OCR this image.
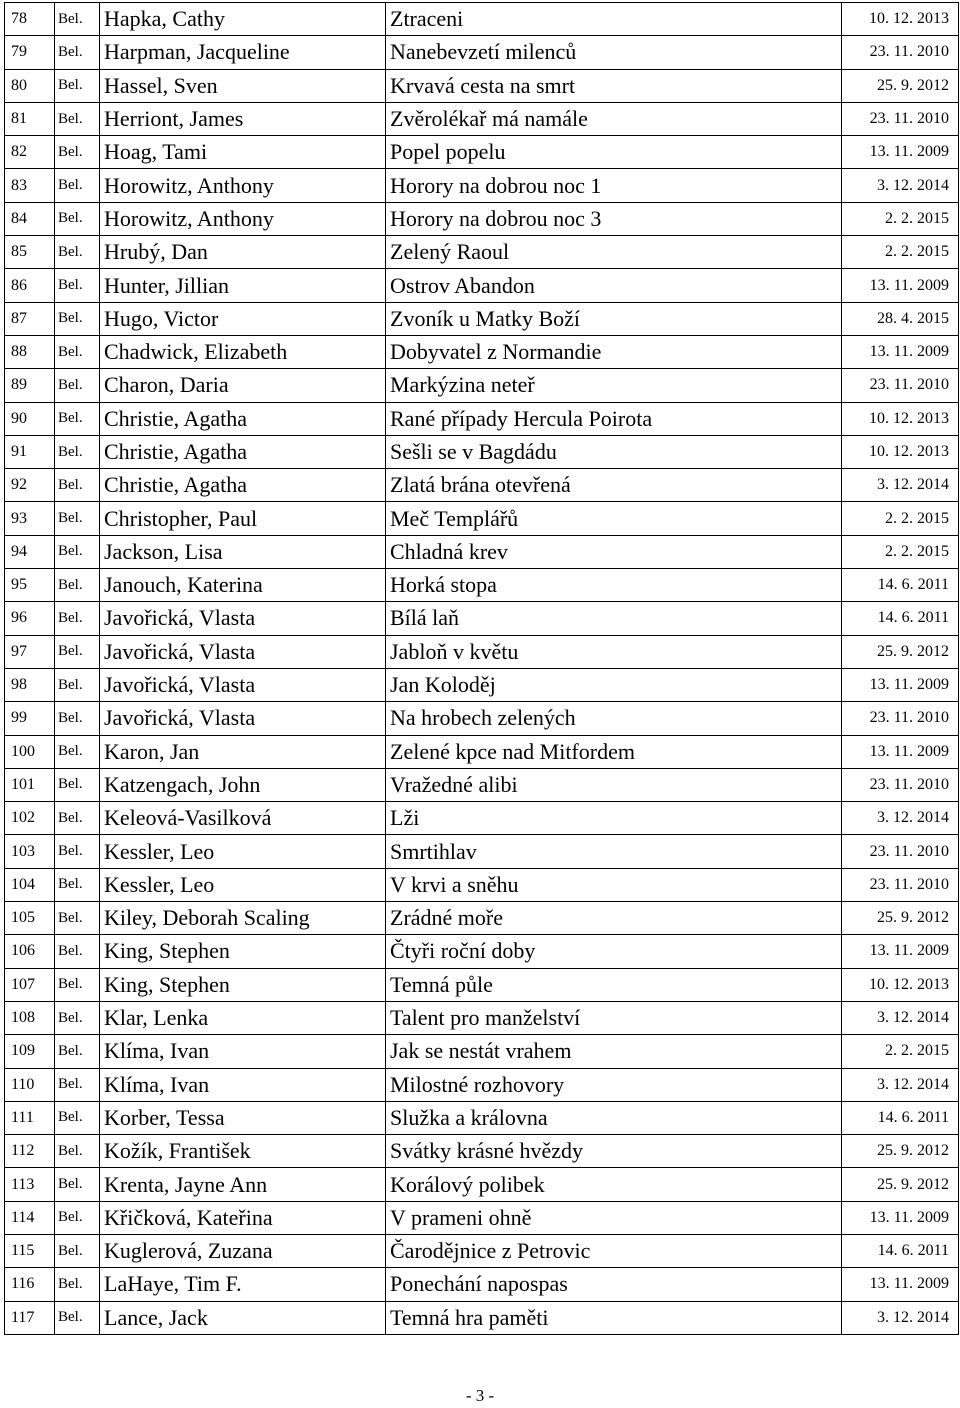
78	Bel.	Hapka, Cathy	Ztraceni	10. 12. 2013
79	Bel.	Harpman, Jacqueline	Nanebevzetí milenců	23. 11. 2010
80	Bel.	Hassel, Sven	Krvavá cesta na smrt	25. 9. 2012
81	Bel.	Herriont, James	Zvěrolékař má namále	23. 11. 2010
82	Bel.	Hoag, Tami	Popel popelu	13. 11. 2009
83	Bel.	Horowitz, Anthony	Horory na dobrou noc 1	3. 12. 2014
84	Bel.	Horowitz, Anthony	Horory na dobrou noc 3	2. 2. 2015
85	Bel.	Hrubý, Dan	Zelený Raoul	2. 2. 2015
86	Bel.	Hunter, Jillian	Ostrov Abandon	13. 11. 2009
87	Bel.	Hugo, Victor	Zvoník u Matky Boží	28. 4. 2015
88	Bel.	Chadwick, Elizabeth	Dobyvatel z Normandie	13. 11. 2009
89	Bel.	Charon, Daria	Markýzina neteř	23. 11. 2010
90	Bel.	Christie, Agatha	Rané případy Hercula Poirota	10. 12. 2013
91	Bel.	Christie, Agatha	Sešli se v Bagdádu	10. 12. 2013
92	Bel.	Christie, Agatha	Zlatá brána otevřená	3. 12. 2014
93	Bel.	Christopher, Paul	Meč Templářů	2. 2. 2015
94	Bel.	Jackson, Lisa	Chladná krev	2. 2. 2015
95	Bel.	Janouch, Katerina	Horká stopa	14. 6. 2011
96	Bel.	Javořická, Vlasta	Bílá laň	14. 6. 2011
97	Bel.	Javořická, Vlasta	Jabloň v květu	25. 9. 2012
98	Bel.	Javořická, Vlasta	Jan Koloděj	13. 11. 2009
99	Bel.	Javořická, Vlasta	Na hrobech zelených	23. 11. 2010
100	Bel.	Karon, Jan	Zelené kpce nad Mitfordem	13. 11. 2009
101	Bel.	Katzengach, John	Vražedné alibi	23. 11. 2010
102	Bel.	Keleová-Vasilková	Lži	3. 12. 2014
103	Bel.	Kessler, Leo	Smrtihlav	23. 11. 2010
104	Bel.	Kessler, Leo	V krvi a sněhu	23. 11. 2010
105	Bel.	Kiley, Deborah Scaling	Zrádné moře	25. 9. 2012
106	Bel.	King, Stephen	Čtyři roční doby	13. 11. 2009
107	Bel.	King, Stephen	Temná půle	10. 12. 2013
108	Bel.	Klar, Lenka	Talent pro manželství	3. 12. 2014
109	Bel.	Klíma, Ivan	Jak se nestát vrahem	2. 2. 2015
110	Bel.	Klíma, Ivan	Milostné rozhovory	3. 12. 2014
111	Bel.	Korber, Tessa	Služka a královna	14. 6. 2011
112	Bel.	Kožík, František	Svátky krásné hvězdy	25. 9. 2012
113	Bel.	Krenta, Jayne Ann	Korálový polibek	25. 9. 2012
114	Bel.	Křičková, Kateřina	V prameni ohně	13. 11. 2009
115	Bel.	Kuglerová, Zuzana	Čarodějnice z Petrovic	14. 6. 2011
116	Bel.	LaHaye, Tim F.	Ponechání napospas	13. 11. 2009
117	Bel.	Lance, Jack	Temná hra paměti	3. 12. 2014
- 3 -
